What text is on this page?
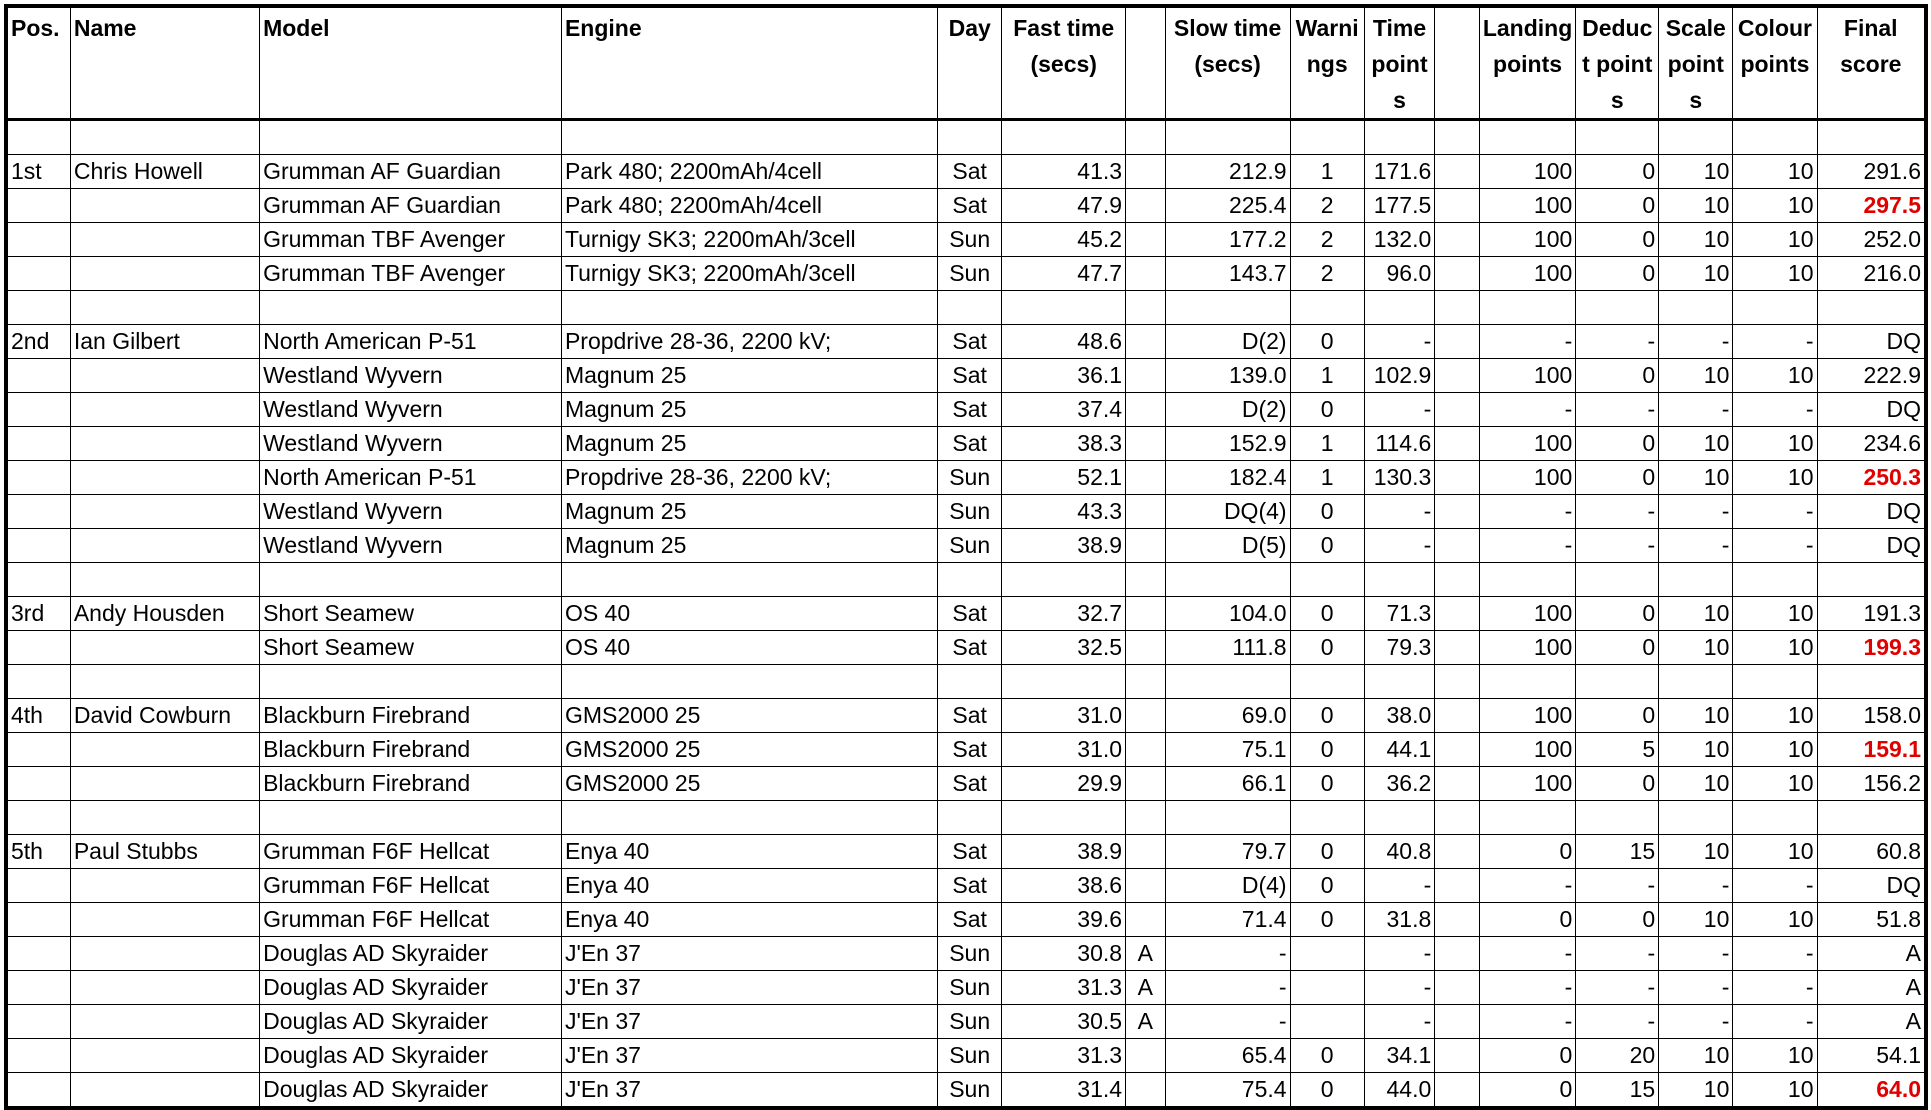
Pos.	Name	Model	Engine	Day	Fast time (secs)		Slow time (secs)	Warnings	Time points		Landing points	Deduct points	Scale points	Colour points	Final score

1st	Chris Howell	Grumman AF Guardian	Park 480; 2200mAh/4cell	Sat	41.3		212.9	1	171.6		100	0	10	10	291.6
		Grumman AF Guardian	Park 480; 2200mAh/4cell	Sat	47.9		225.4	2	177.5		100	0	10	10	297.5
		Grumman TBF Avenger	Turnigy SK3; 2200mAh/3cell	Sun	45.2		177.2	2	132.0		100	0	10	10	252.0
		Grumman TBF Avenger	Turnigy SK3; 2200mAh/3cell	Sun	47.7		143.7	2	96.0		100	0	10	10	216.0

2nd	Ian Gilbert	North American P-51	Propdrive 28-36, 2200 kV;	Sat	48.6		D(2)	0	-		-	-	-	-	DQ
		Westland Wyvern	Magnum 25	Sat	36.1		139.0	1	102.9		100	0	10	10	222.9
		Westland Wyvern	Magnum 25	Sat	37.4		D(2)	0	-		-	-	-	-	DQ
		Westland Wyvern	Magnum 25	Sat	38.3		152.9	1	114.6		100	0	10	10	234.6
		North American P-51	Propdrive 28-36, 2200 kV;	Sun	52.1		182.4	1	130.3		100	0	10	10	250.3
		Westland Wyvern	Magnum 25	Sun	43.3		DQ(4)	0	-		-	-	-	-	DQ
		Westland Wyvern	Magnum 25	Sun	38.9		D(5)	0	-		-	-	-	-	DQ

3rd	Andy Housden	Short Seamew	OS 40	Sat	32.7		104.0	0	71.3		100	0	10	10	191.3
		Short Seamew	OS 40	Sat	32.5		111.8	0	79.3		100	0	10	10	199.3

4th	David Cowburn	Blackburn Firebrand	GMS2000 25	Sat	31.0		69.0	0	38.0		100	0	10	10	158.0
		Blackburn Firebrand	GMS2000 25	Sat	31.0		75.1	0	44.1		100	5	10	10	159.1
		Blackburn Firebrand	GMS2000 25	Sat	29.9		66.1	0	36.2		100	0	10	10	156.2

5th	Paul Stubbs	Grumman F6F Hellcat	Enya 40	Sat	38.9		79.7	0	40.8		0	15	10	10	60.8
		Grumman F6F Hellcat	Enya 40	Sat	38.6		D(4)	0	-		-	-	-	-	DQ
		Grumman F6F Hellcat	Enya 40	Sat	39.6		71.4	0	31.8		0	0	10	10	51.8
		Douglas AD Skyraider	J'En 37	Sun	30.8	A	-		-		-	-	-	-	A
		Douglas AD Skyraider	J'En 37	Sun	31.3	A	-		-		-	-	-	-	A
		Douglas AD Skyraider	J'En 37	Sun	30.5	A	-		-		-	-	-	-	A
		Douglas AD Skyraider	J'En 37	Sun	31.3		65.4	0	34.1		0	20	10	10	54.1
		Douglas AD Skyraider	J'En 37	Sun	31.4		75.4	0	44.0		0	15	10	10	64.0
